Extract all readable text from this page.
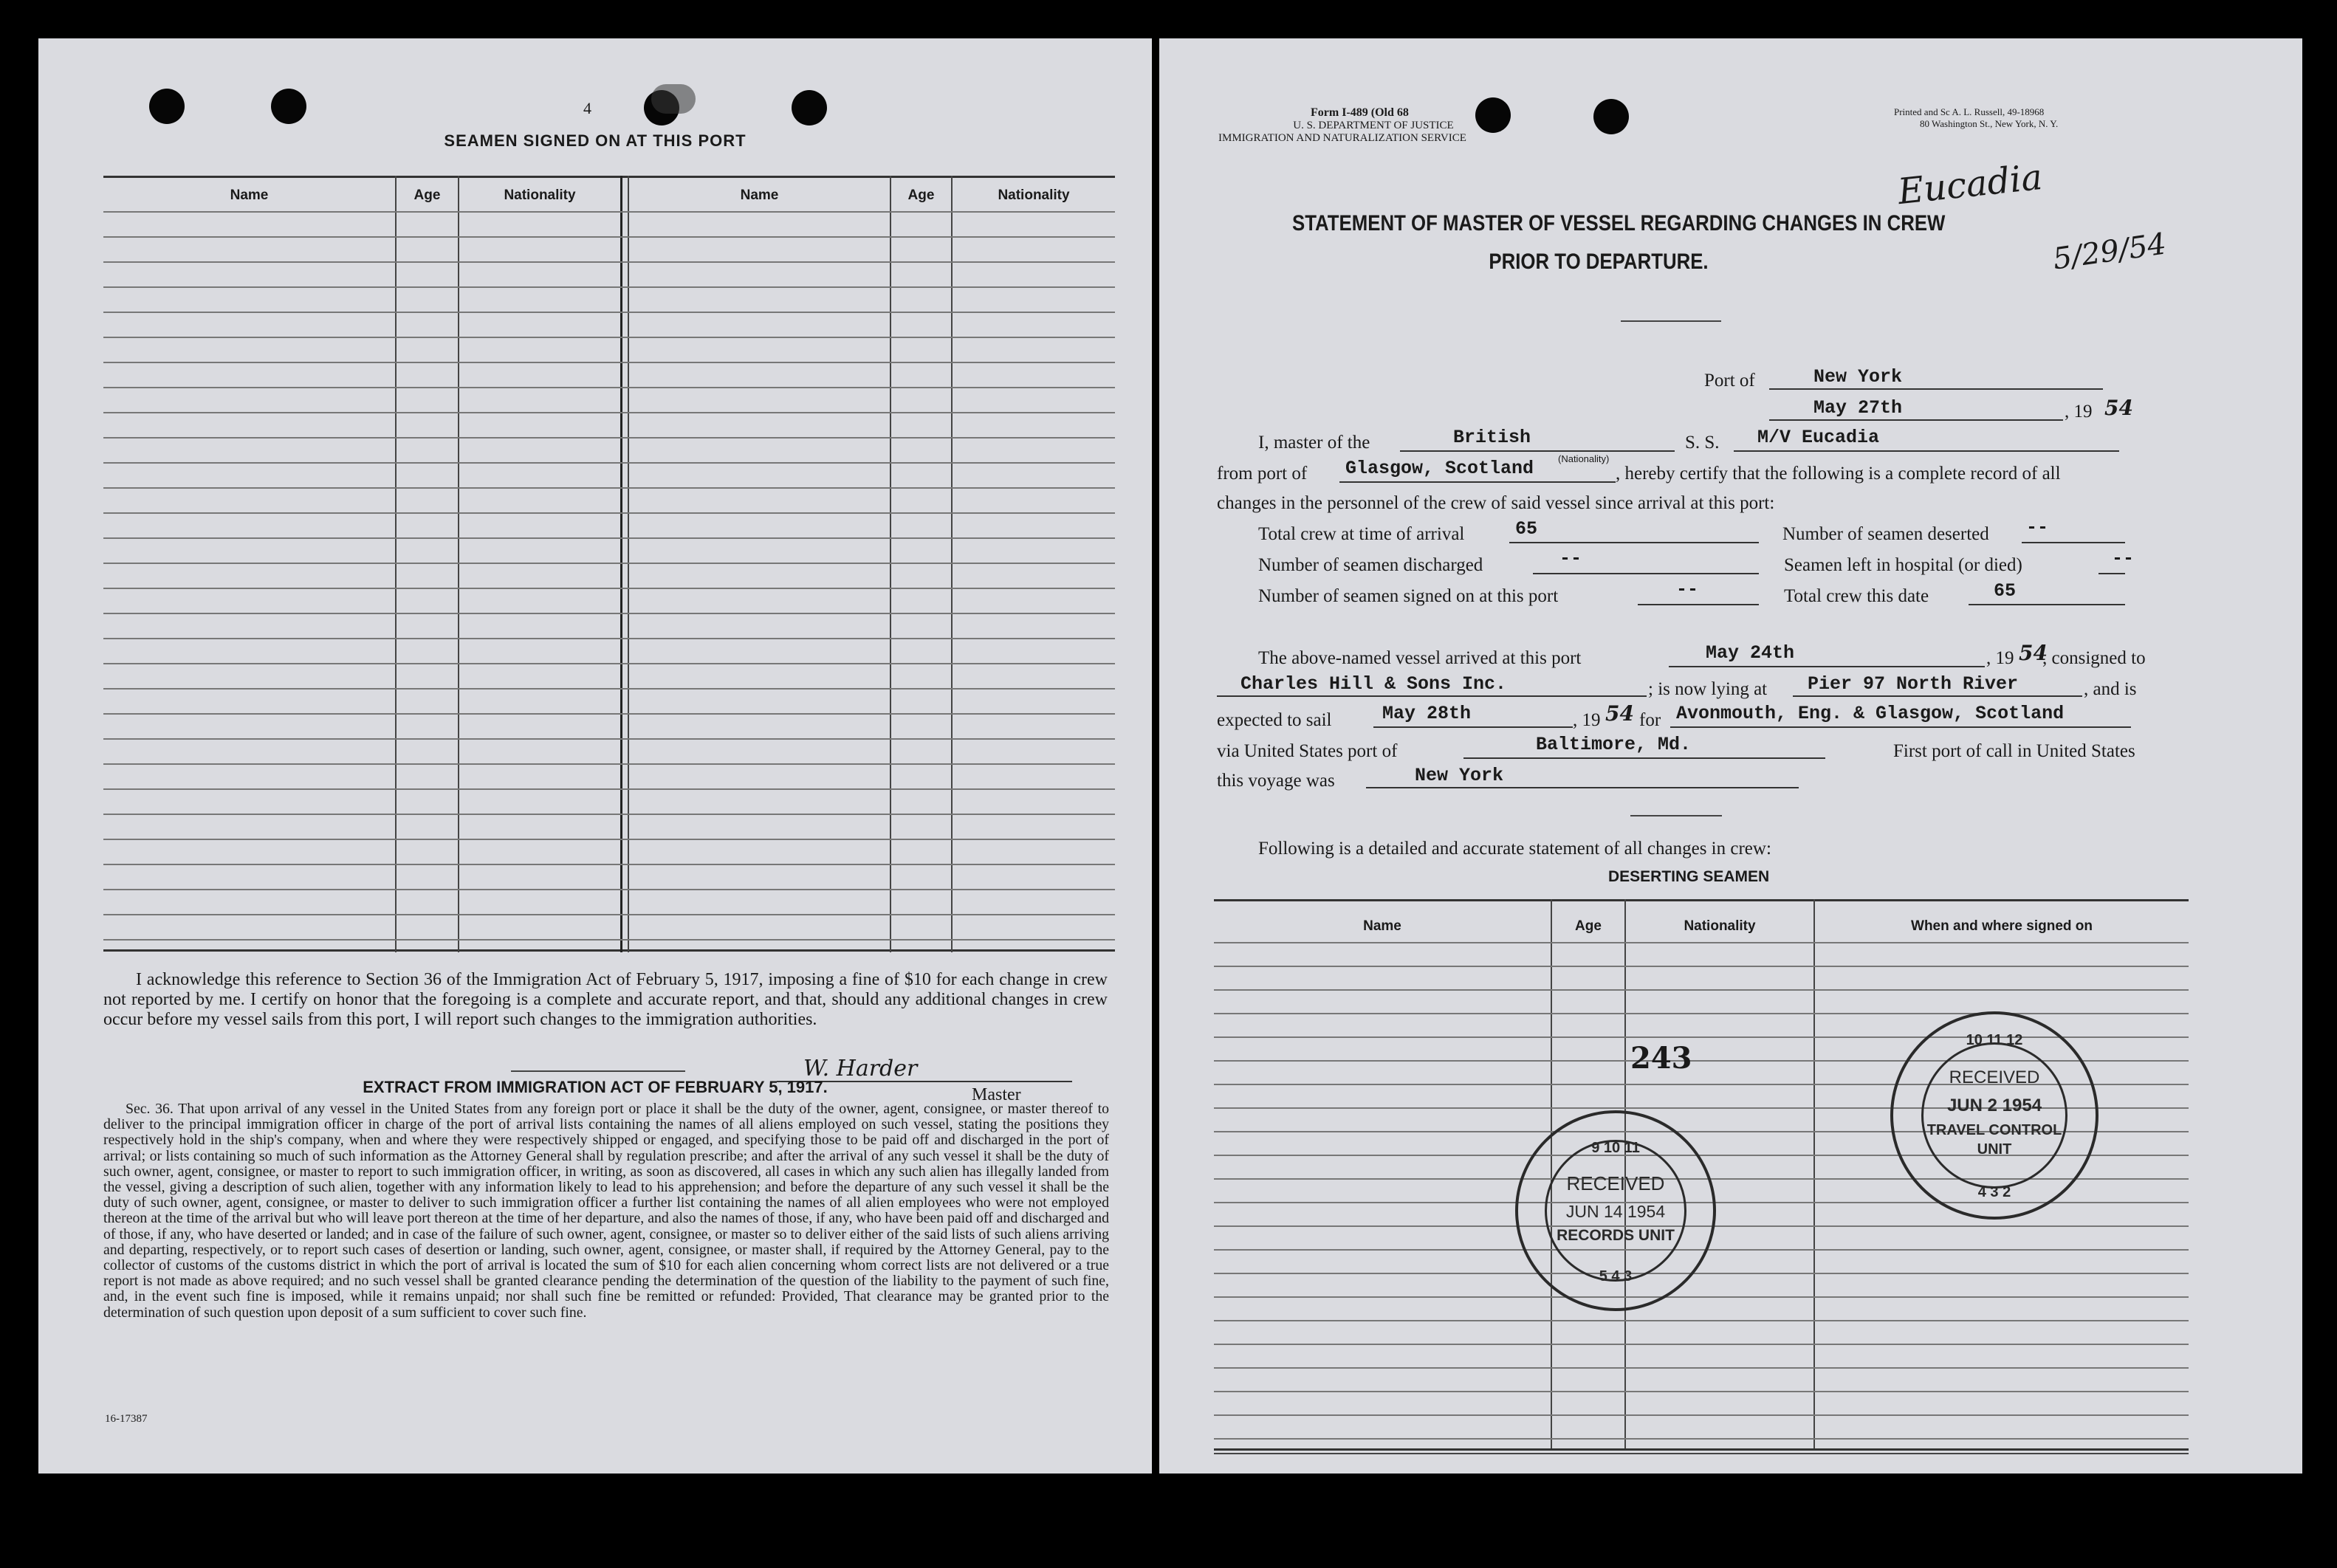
4
SEAMEN SIGNED ON AT THIS PORT
Name	Age	Nationality	Name	Age	Nationality
I acknowledge this reference to Section 36 of the Immigration Act of February 5, 1917, imposing a fine of $10 for each change in crew not reported by me. I certify on honor that the foregoing is a complete and accurate report, and that, should any additional changes in crew occur before my vessel sails from this port, I will report such changes to the immigration authorities.
W. Harder
Master
EXTRACT FROM IMMIGRATION ACT OF FEBRUARY 5, 1917.
Sec. 36. That upon arrival of any vessel in the United States from any foreign port or place it shall be the duty of the owner, agent, consignee, or master thereof to deliver to the principal immigration officer in charge of the port of arrival lists containing the names of all aliens employed on such vessel, stating the positions they respectively hold in the ship's company, when and where they were respectively shipped or engaged, and specifying those to be paid off and discharged in the port of arrival; or lists containing so much of such information as the Attorney General shall by regulation prescribe; and after the arrival of any such vessel it shall be the duty of such owner, agent, consignee, or master to report to such immigration officer, in writing, as soon as discovered, all cases in which any such alien has illegally landed from the vessel, giving a description of such alien, together with any information likely to lead to his apprehension; and before the departure of any such vessel it shall be the duty of such owner, agent, consignee, or master to deliver to such immigration officer a further list containing the names of all alien employees who were not employed thereon at the time of the arrival but who will leave port thereon at the time of her departure, and also the names of those, if any, who have been paid off and discharged and of those, if any, who have deserted or landed; and in case of the failure of such owner, agent, consignee, or master so to deliver either of the said lists of such aliens arriving and departing, respectively, or to report such cases of desertion or landing, such owner, agent, consignee, or master shall, if required by the Attorney General, pay to the collector of customs of the customs district in which the port of arrival is located the sum of $10 for each alien concerning whom correct lists are not delivered or a true report is not made as above required; and no such vessel shall be granted clearance pending the determination of the question of the liability to the payment of such fine, and, in the event such fine is imposed, while it remains unpaid; nor shall such fine be remitted or refunded: Provided, That clearance may be granted prior to the determination of such question upon deposit of a sum sufficient to cover such fine.
16-17387
Form I-489 (Old 68
U. S. DEPARTMENT OF JUSTICE
IMMIGRATION AND NATURALIZATION SERVICE
Printed and Sc A. L. Russell, 49-18968
80 Washington St., New York, N. Y.
Eucadia
5/29/54
STATEMENT OF MASTER OF VESSEL REGARDING CHANGES IN CREW
PRIOR TO DEPARTURE.
Port of	New York
May 27th	, 19 54
I, master of the	British
(Nationality)
S. S. M/V Eucadia
from port of Glasgow, Scotland	, hereby certify that the following is a complete record of all
changes in the personnel of the crew of said vessel since arrival at this port:
Total crew at time of arrival	65	Number of seamen deserted --
Number of seamen discharged	--	Seamen left in hospital (or died)	--
Number of seamen signed on at this port	--	Total crew this date	65
The above-named vessel arrived at this port	May 24th	, 19 54
, consigned to
Charles Hill & Sons Inc.	; is now lying at Pier 97 North River	, and is
expected to sail	May 28th	, 19 54 for Avonmouth, Eng. & Glasgow, Scotland
via United States port of	Baltimore, Md.	First port of call in United States
this voyage was	New York
Following is a detailed and accurate statement of all changes in crew:
DESERTING SEAMEN
Name	Age	Nationality	When and where signed on
243
9 10 11
5 4 3
RECEIVED
JUN 14 1954
RECORDS UNIT
10 11 12
4 3 2
RECEIVED
JUN 2 1954
TRAVEL CONTROL
UNIT
